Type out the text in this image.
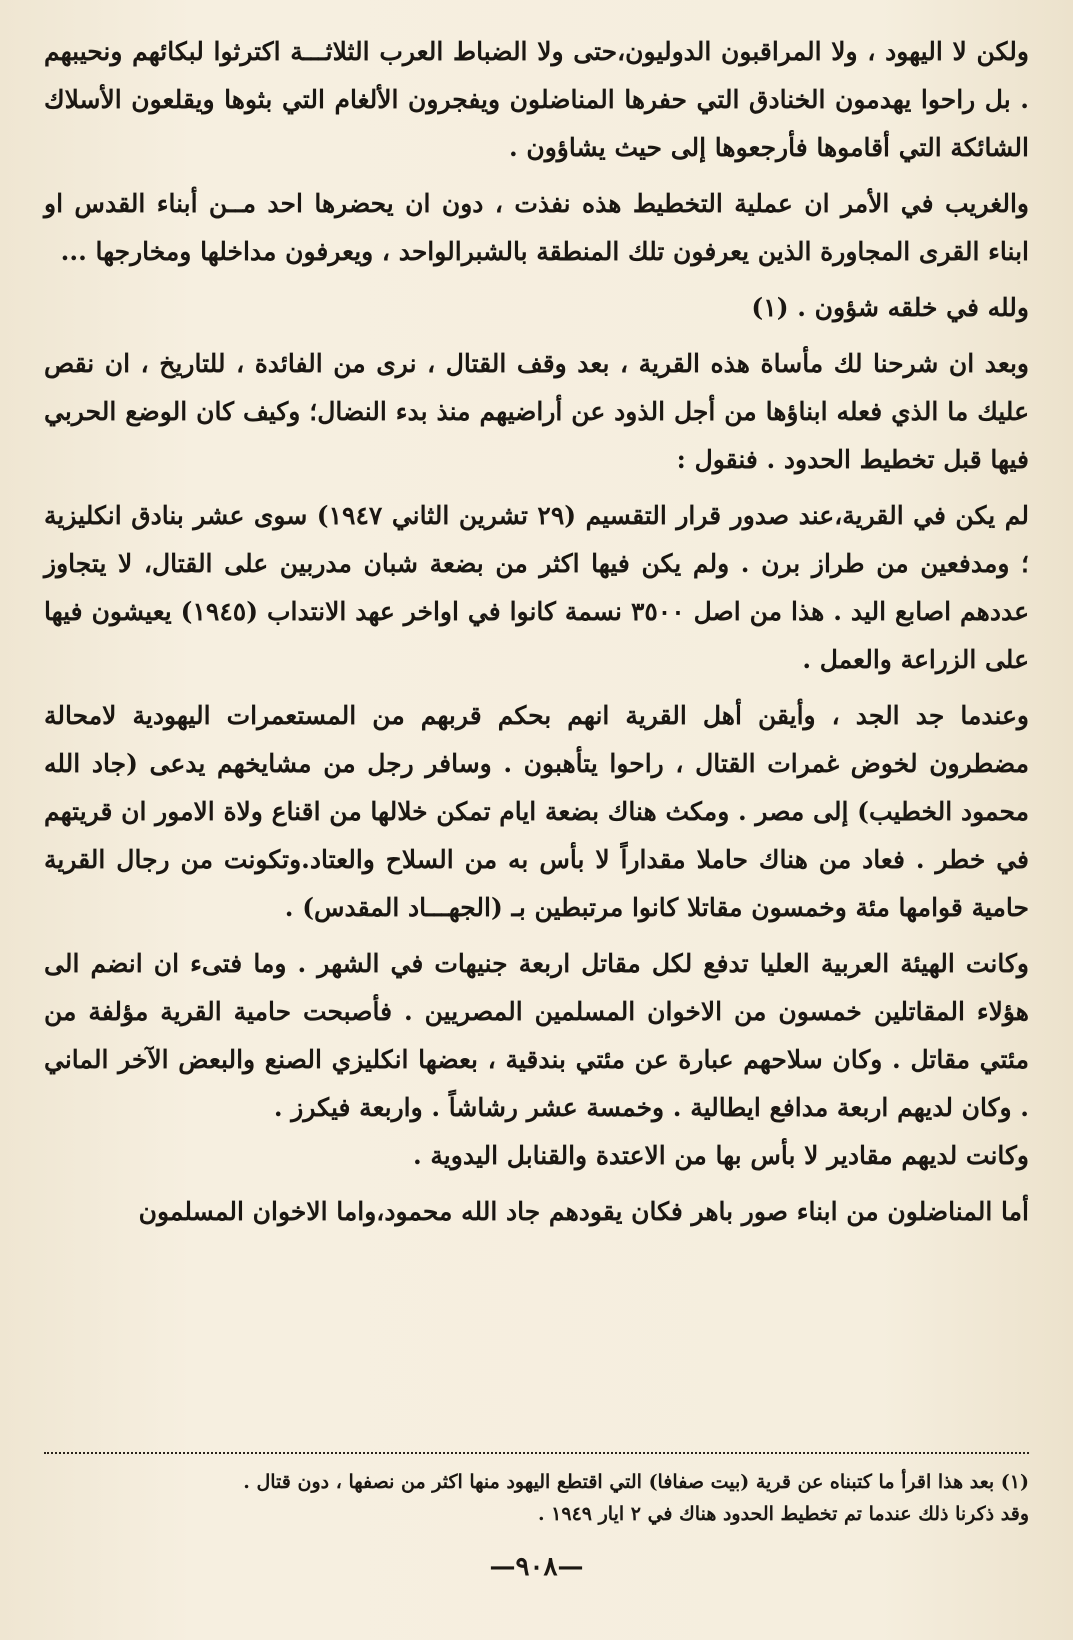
ولكن لا اليهود ، ولا المراقبون الدوليون،حتى ولا الضباط العرب الثلاثـــة اكترثوا لبكائهم ونحيبهم . بل راحوا يهدمون الخنادق التي حفرها المناضلون ويفجرون الألغام التي بثوها ويقلعون الأسلاك الشائكة التي أقاموها فأرجعوها إلى حيث يشاؤون .

والغريب في الأمر ان عملية التخطيط هذه نفذت ، دون ان يحضرها احد مــن أبناء القدس او ابناء القرى المجاورة الذين يعرفون تلك المنطقة بالشبرالواحد ، ويعرفون مداخلها ومخارجها ...

ولله في خلقه شؤون . (١)

وبعد ان شرحنا لك مأساة هذه القرية ، بعد وقف القتال ، نرى من الفائدة ، للتاريخ ، ان نقص عليك ما الذي فعله ابناؤها من أجل الذود عن أراضيهم منذ بدء النضال؛ وكيف كان الوضع الحربي فيها قبل تخطيط الحدود . فنقول :

لم يكن في القرية،عند صدور قرار التقسيم (٢٩ تشرين الثاني ١٩٤٧) سوى عشر بنادق انكليزية ؛ ومدفعين من طراز برن . ولم يكن فيها اكثر من بضعة شبان مدربين على القتال، لا يتجاوز عددهم اصابع اليد . هذا من اصل ٣٥٠٠ نسمة كانوا في اواخر عهد الانتداب (١٩٤٥) يعيشون فيها على الزراعة والعمل .

وعندما جد الجد ، وأيقن أهل القرية انهم بحكم قربهم من المستعمرات اليهودية لامحالة مضطرون لخوض غمرات القتال ، راحوا يتأهبون . وسافر رجل من مشايخهم يدعى (جاد الله محمود الخطيب) إلى مصر . ومكث هناك بضعة ايام تمكن خلالها من اقناع ولاة الامور ان قريتهم في خطر . فعاد من هناك حاملا مقداراً لا بأس به من السلاح والعتاد.وتكونت من رجال القرية حامية قوامها مئة وخمسون مقاتلا كانوا مرتبطين بـ (الجهـــاد المقدس) .

وكانت الهيئة العربية العليا تدفع لكل مقاتل اربعة جنيهات في الشهر . وما فتىء ان انضم الى هؤلاء المقاتلين خمسون من الاخوان المسلمين المصريين . فأصبحت حامية القرية مؤلفة من مئتي مقاتل . وكان سلاحهم عبارة عن مئتي بندقية ، بعضها انكليزي الصنع والبعض الآخر الماني . وكان لديهم اربعة مدافع ايطالية . وخمسة عشر رشاشاً . واربعة فيكرز .

وكانت لديهم مقادير لا بأس بها من الاعتدة والقنابل اليدوية .

أما المناضلون من ابناء صور باهر فكان يقودهم جاد الله محمود،واما الاخوان المسلمون

(١) بعد هذا اقرأ ما كتبناه عن قرية (بيت صفافا) التي اقتطع اليهود منها اكثر من نصفها ، دون قتال .
وقد ذكرنا ذلك عندما تم تخطيط الحدود هناك في ٢ ايار ١٩٤٩ .
—٩٠٨—
